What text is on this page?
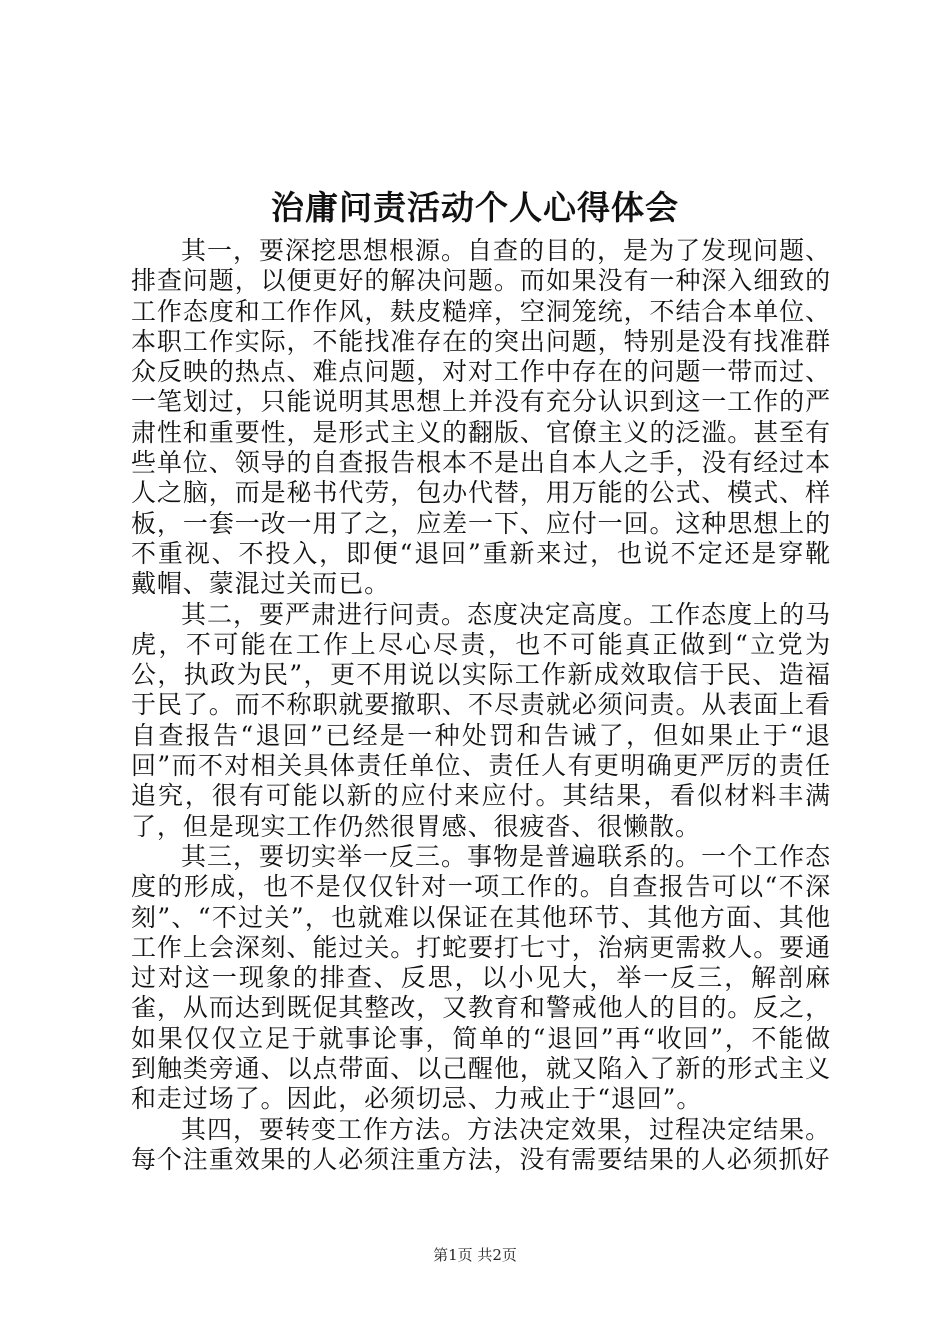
治庸问责活动个人心得体会

其一，要深挖思想根源。自查的目的，是为了发现问题、排查问题，以便更好的解决问题。而如果没有一种深入细致的工作态度和工作作风，麸皮糙痒，空洞笼统，不结合本单位、本职工作实际，不能找准存在的突出问题，特别是没有找准群众反映的热点、难点问题，对对工作中存在的问题一带而过、一笔划过，只能说明其思想上并没有充分认识到这一工作的严肃性和重要性，是形式主义的翻版、官僚主义的泛滥。甚至有些单位、领导的自查报告根本不是出自本人之手，没有经过本人之脑，而是秘书代劳，包办代替，用万能的公式、模式、样板，一套一改一用了之，应差一下、应付一回。这种思想上的不重视、不投入，即便“退回”重新来过，也说不定还是穿靴戴帽、蒙混过关而已。

其二，要严肃进行问责。态度决定高度。工作态度上的马虎，不可能在工作上尽心尽责，也不可能真正做到“立党为公，执政为民”，更不用说以实际工作新成效取信于民、造福于民了。而不称职就要撤职、不尽责就必须问责。从表面上看自查报告“退回”已经是一种处罚和告诫了，但如果止于“退回”而不对相关具体责任单位、责任人有更明确更严厉的责任追究，很有可能以新的应付来应付。其结果，看似材料丰满了，但是现实工作仍然很胃感、很疲沓、很懒散。

其三，要切实举一反三。事物是普遍联系的。一个工作态度的形成，也不是仅仅针对一项工作的。自查报告可以“不深刻”、“不过关”，也就难以保证在其他环节、其他方面、其他工作上会深刻、能过关。打蛇要打七寸，治病更需救人。要通过对这一现象的排查、反思，以小见大，举一反三，解剖麻雀，从而达到既促其整改，又教育和警戒他人的目的。反之，如果仅仅立足于就事论事，简单的“退回”再“收回”，不能做到触类旁通、以点带面、以己醒他，就又陷入了新的形式主义和走过场了。因此，必须切忌、力戒止于“退回”。

其四，要转变工作方法。方法决定效果，过程决定结果。每个注重效果的人必须注重方法，没有需要结果的人必须抓好

第1页 共2页
